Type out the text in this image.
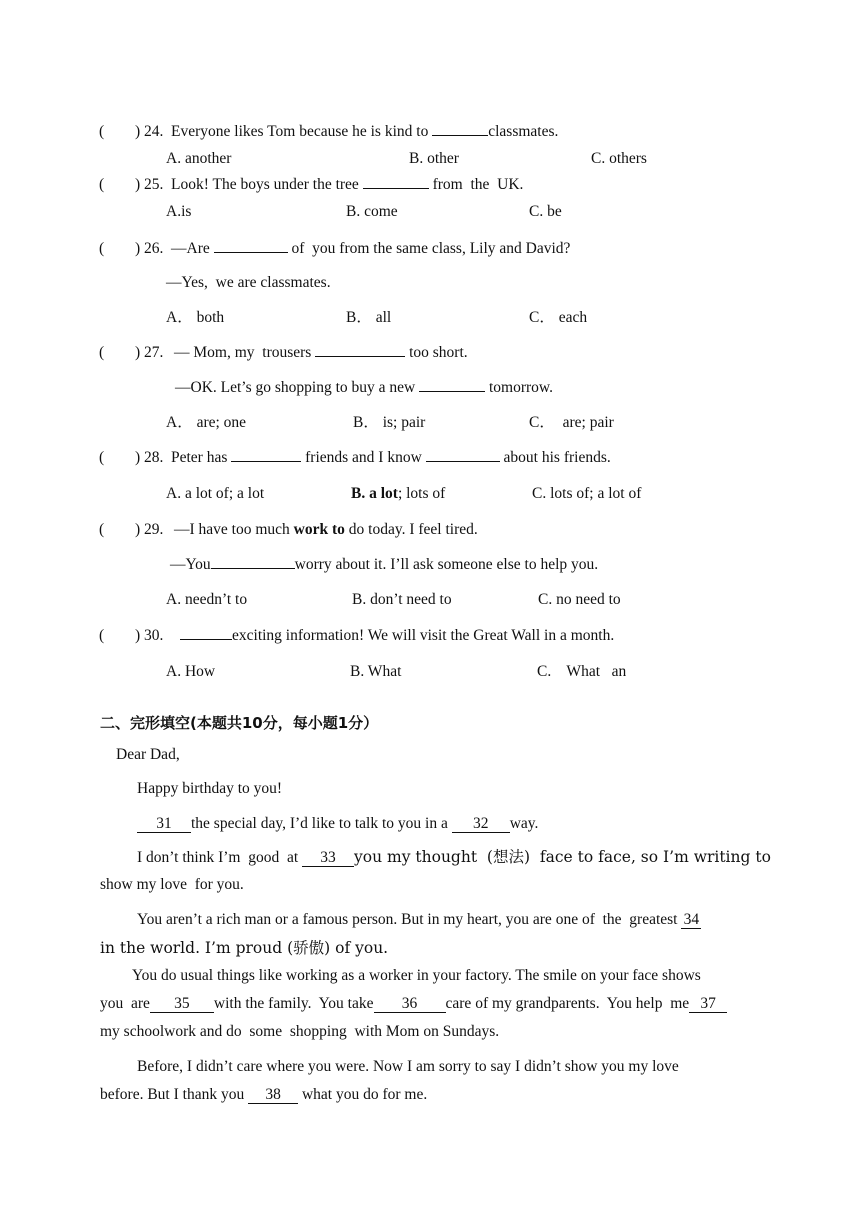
( ) 24. Everyone likes Tom because he is kind to	classmates.
A. another	B. other	C. others
( ) 25. Look! The boys under the tree	from  the  UK.
A.is	B. come	C. be
( ) 26. —Are	of  you from the same class, Lily and David?
—Yes,  we are classmates.
A． both	B． all	C． each
( ) 27. — Mom, my  trousers	too short.
—OK. Let’s go shopping to buy a new	tomorrow.
A． are; one	B． is; pair	C．  are; pair
( ) 28. Peter has	friends and I know	about his friends.
A. a lot of; a lot	B. a lot; lots of	C. lots of; a lot of
( ) 29. —I have too much work to do today. I feel tired.
—You	worry about it. I’ll ask someone else to help you.
A. needn’t to	B. don’t need to	C. no need to
( ) 30.	exciting information! We will visit the Great Wall in a month.
A. How	B. What	C.    What   an
二、完形填空(本题共10分，每小题1分）
Dear Dad,
Happy birthday to you!
31 the special day, I’d like to talk to you in a 32 way.
I don’t think I’m  good  at 33 you my thought  (想法)  face to face, so I’m writing to
show my love  for you.
You aren’t a rich man or a famous person. But in my heart, you are one of  the  greatest 34
in the world. I’m proud (骄傲) of you.
You do usual things like working as a worker in your factory. The smile on your face shows
you  are 35 with the family.  You take 36 care of my grandparents.  You help  me 37
my schoolwork and do  some  shopping  with Mom on Sundays.
Before, I didn’t care where you were. Now I am sorry to say I didn’t show you my love
before. But I thank you 38 what you do for me.
